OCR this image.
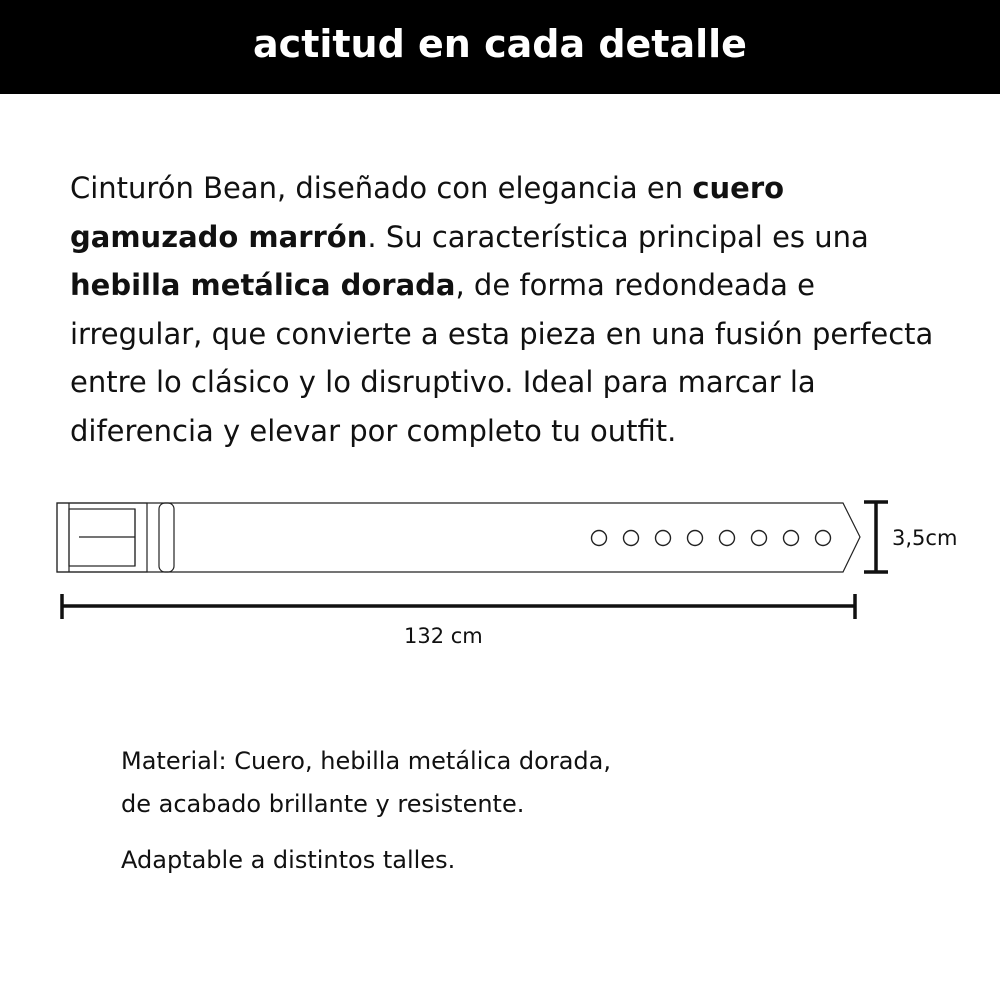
actitud en cada detalle

Cinturón Bean, diseñado con elegancia en cuero gamuzado marrón. Su característica principal es una hebilla metálica dorada, de forma redondeada e irregular, que convierte a esta pieza en una fusión perfecta entre lo clásico y lo disruptivo. Ideal para marcar la diferencia y elevar por completo tu outfit.

3,5cm
132 cm

Material: Cuero, hebilla metálica dorada,

de acabado brillante y resistente.

Adaptable a distintos talles.
